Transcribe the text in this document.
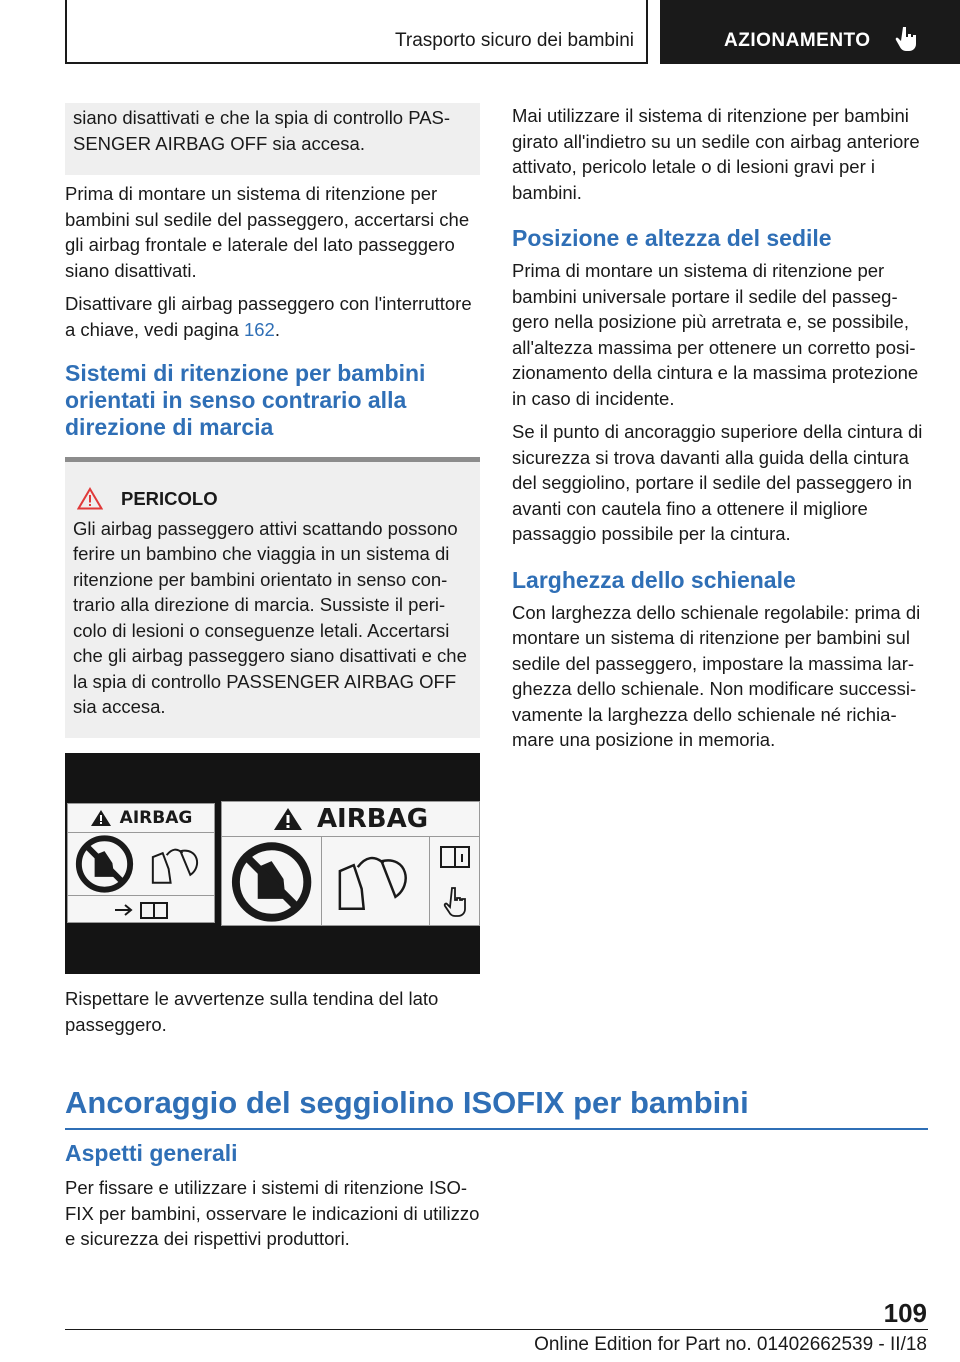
Trasporto sicuro dei bambini	AZIONAMENTO

siano disattivati e che la spia di controllo PASSENGER AIRBAG OFF sia accesa.

Prima di montare un sistema di ritenzione per bambini sul sedile del passeggero, accertarsi che gli airbag frontale e laterale del lato passeggero siano disattivati.

Disattivare gli airbag passeggero con l'interruttore a chiave, vedi pagina 162.

Sistemi di ritenzione per bambini orientati in senso contrario alla direzione di marcia
PERICOLO

Gli airbag passeggero attivi scattando possono ferire un bambino che viaggia in un sistema di ritenzione per bambini orientato in senso contrario alla direzione di marcia. Sussiste il pericolo di lesioni o conseguenze letali. Accertarsi che gli airbag passeggero siano disattivati e che la spia di controllo PASSENGER AIRBAG OFF sia accesa.

AIRBAG	AIRBAG
Rispettare le avvertenze sulla tendina del lato passeggero.

Mai utilizzare il sistema di ritenzione per bambini girato all'indietro su un sedile con airbag anteriore attivato, pericolo letale o di lesioni gravi per i bambini.

Posizione e altezza del sedile

Prima di montare un sistema di ritenzione per bambini universale portare il sedile del passeggero nella posizione più arretrata e, se possibile, all'altezza massima per ottenere un corretto posizionamento della cintura e la massima protezione in caso di incidente.

Se il punto di ancoraggio superiore della cintura di sicurezza si trova davanti alla guida della cintura del seggiolino, portare il sedile del passeggero in avanti con cautela fino a ottenere il migliore passaggio possibile per la cintura.

Larghezza dello schienale

Con larghezza dello schienale regolabile: prima di montare un sistema di ritenzione per bambini sul sedile del passeggero, impostare la massima larghezza dello schienale. Non modificare successivamente la larghezza dello schienale né richiamare una posizione in memoria.

Ancoraggio del seggiolino ISOFIX per bambini
Aspetti generali

Per fissare e utilizzare i sistemi di ritenzione ISOFIX per bambini, osservare le indicazioni di utilizzo e sicurezza dei rispettivi produttori.

109
Online Edition for Part no. 01402662539 - II/18
